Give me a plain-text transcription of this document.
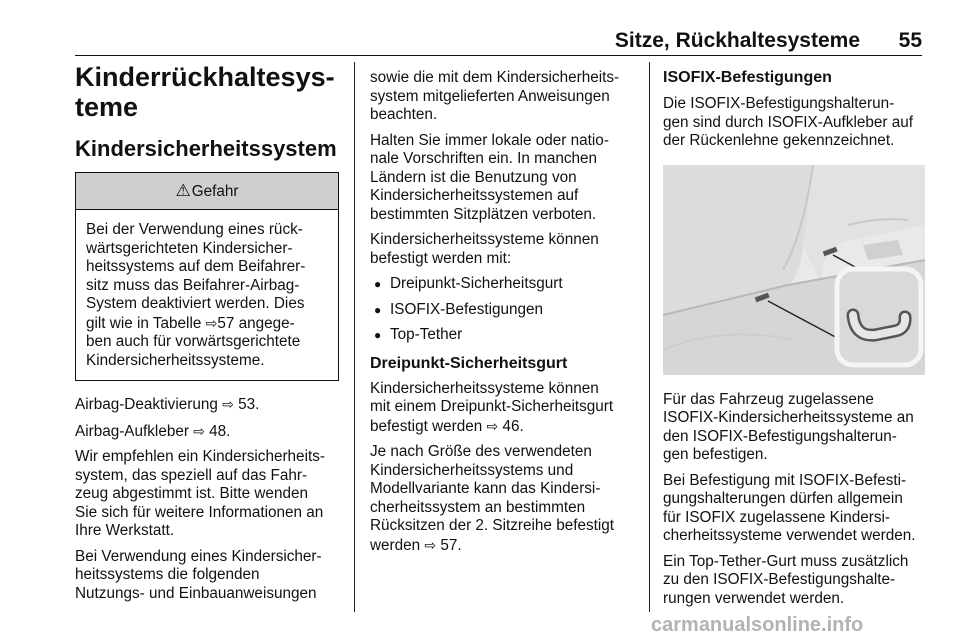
Sitze, Rückhaltesysteme 55
Kinderrückhaltesys-
teme
Kindersicherheitssystem
⚠Gefahr
Bei der Verwendung eines rück-
wärtsgerichteten Kindersicher-
heitssystems auf dem Beifahrer-
sitz muss das Beifahrer-Airbag-
System deaktiviert werden. Dies
gilt wie in Tabelle ⇨57 angege-
ben auch für vorwärtsgerichtete
Kindersicherheitssysteme.

Airbag-Deaktivierung ⇨ 53.

Airbag-Aufkleber ⇨ 48.

Wir empfehlen ein Kindersicherheits-
system, das speziell auf das Fahr-
zeug abgestimmt ist. Bitte wenden
Sie sich für weitere Informationen an
Ihre Werkstatt.

Bei Verwendung eines Kindersicher-
heitssystems die folgenden
Nutzungs- und Einbauanweisungen

sowie die mit dem Kindersicherheits-
system mitgelieferten Anweisungen
beachten.

Halten Sie immer lokale oder natio-
nale Vorschriften ein. In manchen
Ländern ist die Benutzung von
Kindersicherheitssystemen auf
bestimmten Sitzplätzen verboten.

Kindersicherheitssysteme können
befestigt werden mit:

● Dreipunkt-Sicherheitsgurt

● ISOFIX-Befestigungen

● Top-Tether

Dreipunkt-Sicherheitsgurt

Kindersicherheitssysteme können
mit einem Dreipunkt-Sicherheitsgurt
befestigt werden ⇨ 46.

Je nach Größe des verwendeten
Kindersicherheitssystems und
Modellvariante kann das Kindersi-
cherheitssystem an bestimmten
Rücksitzen der 2. Sitzreihe befestigt
werden ⇨ 57.

ISOFIX-Befestigungen

Die ISOFIX-Befestigungshalterun-
gen sind durch ISOFIX-Aufkleber auf
der Rückenlehne gekennzeichnet.

Für das Fahrzeug zugelassene
ISOFIX-Kindersicherheitssysteme an
den ISOFIX-Befestigungshalterun-
gen befestigen.

Bei Befestigung mit ISOFIX-Befesti-
gungshalterungen dürfen allgemein
für ISOFIX zugelassene Kindersi-
cherheitssysteme verwendet werden.

Ein Top-Tether-Gurt muss zusätzlich
zu den ISOFIX-Befestigungshalte-
rungen verwendet werden.

carmanualsonline.info
